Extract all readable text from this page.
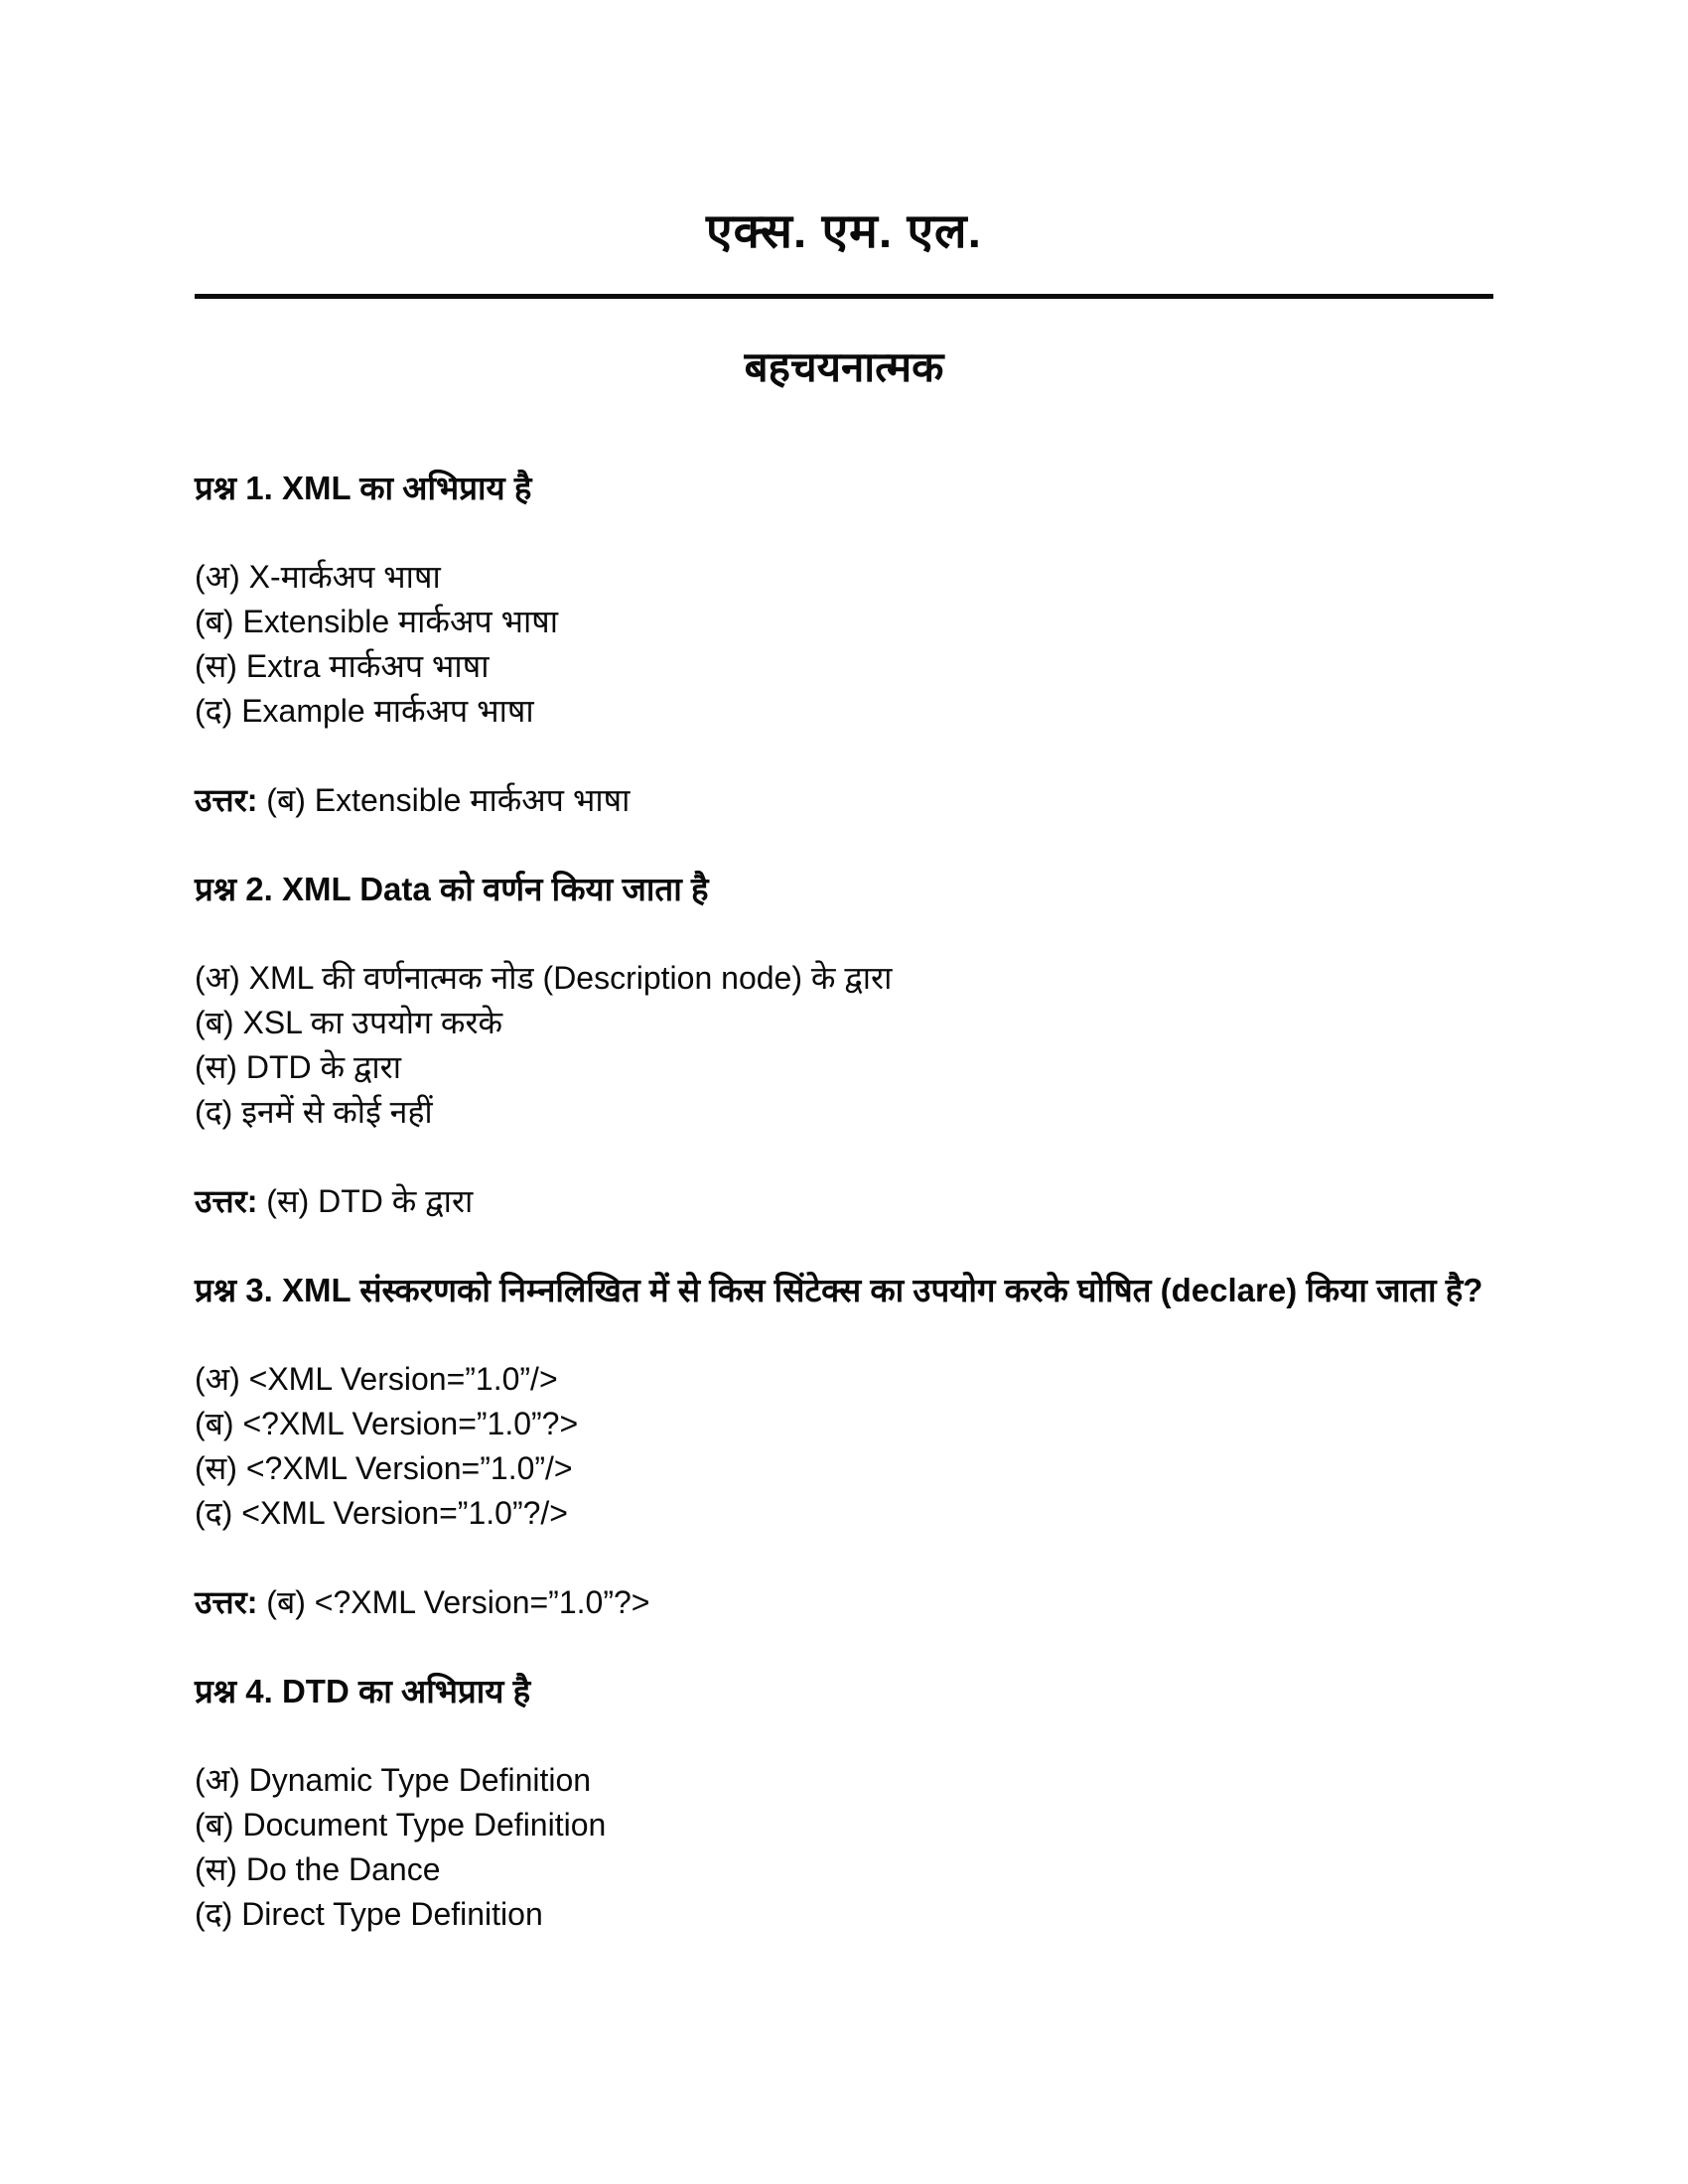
एक्स. एम. एल.
बहचयनात्मक

प्रश्न 1. XML का अभिप्राय है

(अ) X-मार्कअप भाषा

(ब) Extensible मार्कअप भाषा

(स) Extra मार्कअप भाषा

(द) Example मार्कअप भाषा

उत्तर: (ब) Extensible मार्कअप भाषा

प्रश्न 2. XML Data को वर्णन किया जाता है

(अ) XML की वर्णनात्मक नोड (Description node) के द्वारा

(ब) XSL का उपयोग करके

(स) DTD के द्वारा

(द) इनमें से कोई नहीं

उत्तर: (स) DTD के द्वारा

प्रश्न 3. XML संस्करणको निम्नलिखित में से किस सिंटेक्स का उपयोग करके घोषित (declare) किया जाता है?

(अ) <XML Version=”1.0”/>

(ब) <?XML Version=”1.0”?>

(स) <?XML Version=”1.0”/>

(द) <XML Version=”1.0”?/>

उत्तर: (ब) <?XML Version=”1.0”?>

प्रश्न 4. DTD का अभिप्राय है

(अ) Dynamic Type Definition

(ब) Document Type Definition

(स) Do the Dance

(द) Direct Type Definition
